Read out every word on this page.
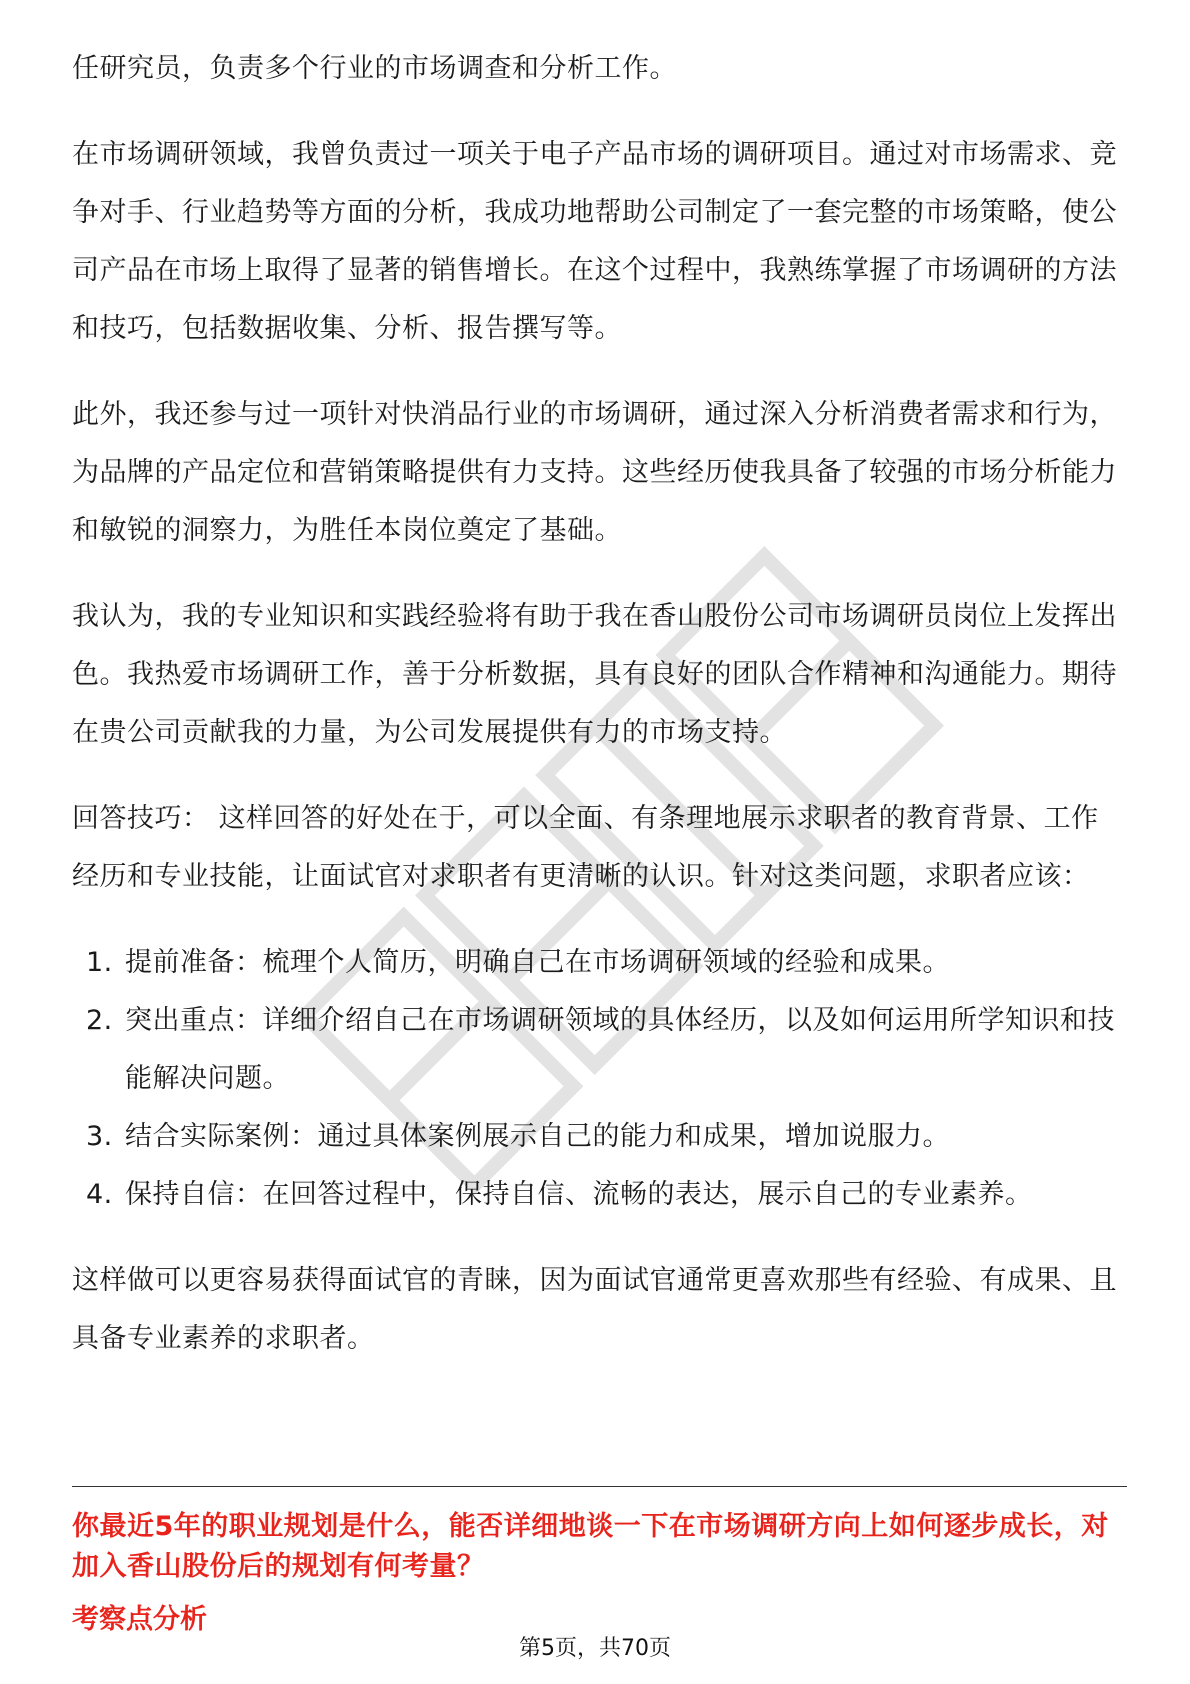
任研究员，负责多个行业的市场调查和分析工作。

在市场调研领域，我曾负责过一项关于电子产品市场的调研项目。通过对市场需求、竞争对手、行业趋势等方面的分析，我成功地帮助公司制定了一套完整的市场策略，使公司产品在市场上取得了显著的销售增长。在这个过程中，我熟练掌握了市场调研的方法和技巧，包括数据收集、分析、报告撰写等。

此外，我还参与过一项针对快消品行业的市场调研，通过深入分析消费者需求和行为，为品牌的产品定位和营销策略提供有力支持。这些经历使我具备了较强的市场分析能力和敏锐的洞察力，为胜任本岗位奠定了基础。

我认为，我的专业知识和实践经验将有助于我在香山股份公司市场调研员岗位上发挥出色。我热爱市场调研工作，善于分析数据，具有良好的团队合作精神和沟通能力。期待在贵公司贡献我的力量，为公司发展提供有力的市场支持。

回答技巧： 这样回答的好处在于，可以全面、有条理地展示求职者的教育背景、工作经历和专业技能，让面试官对求职者有更清晰的认识。针对这类问题，求职者应该：

1. 提前准备：梳理个人简历，明确自己在市场调研领域的经验和成果。
2. 突出重点：详细介绍自己在市场调研领域的具体经历，以及如何运用所学知识和技能解决问题。
3. 结合实际案例：通过具体案例展示自己的能力和成果，增加说服力。
4. 保持自信：在回答过程中，保持自信、流畅的表达，展示自己的专业素养。

这样做可以更容易获得面试官的青睐，因为面试官通常更喜欢那些有经验、有成果、且具备专业素养的求职者。

你最近5年的职业规划是什么，能否详细地谈一下在市场调研方向上如何逐步成长，对加入香山股份后的规划有何考量？
考察点分析
第5页，共70页
